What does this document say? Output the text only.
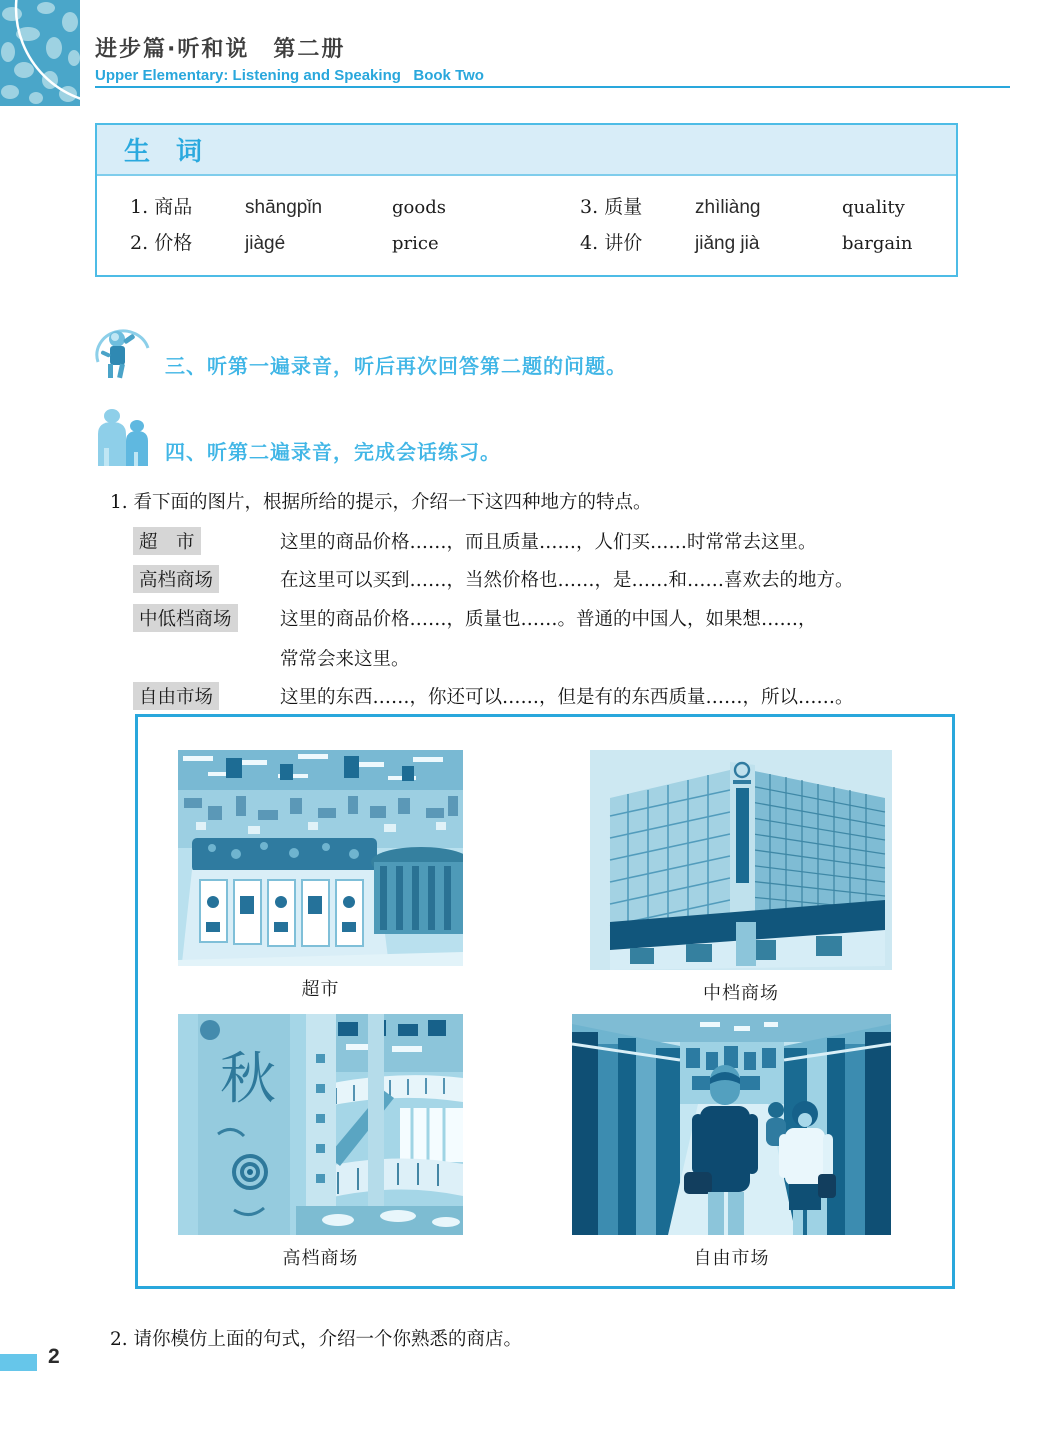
进步篇·听和说　第二册
Upper Elementary: Listening and Speaking   Book Two
生　词
1. 商品	shāngpǐn	goods	3. 质量	zhìliàng	quality
2. 价格	jiàgé	price	4. 讲价	jiǎng jià	bargain
三、听第一遍录音，听后再次回答第二题的问题。
四、听第二遍录音，完成会话练习。
1. 看下面的图片，根据所给的提示，介绍一下这四种地方的特点。
超　市	这里的商品价格……，而且质量……，人们买……时常常去这里。
高档商场	在这里可以买到……，当然价格也……，是……和……喜欢去的地方。
中低档商场	这里的商品价格……，质量也……。普通的中国人，如果想……，
常常会来这里。
自由市场	这里的东西……，你还可以……，但是有的东西质量……，所以……。
超市	中档商场
秋
高档商场	自由市场
2. 请你模仿上面的句式，介绍一个你熟悉的商店。
2
